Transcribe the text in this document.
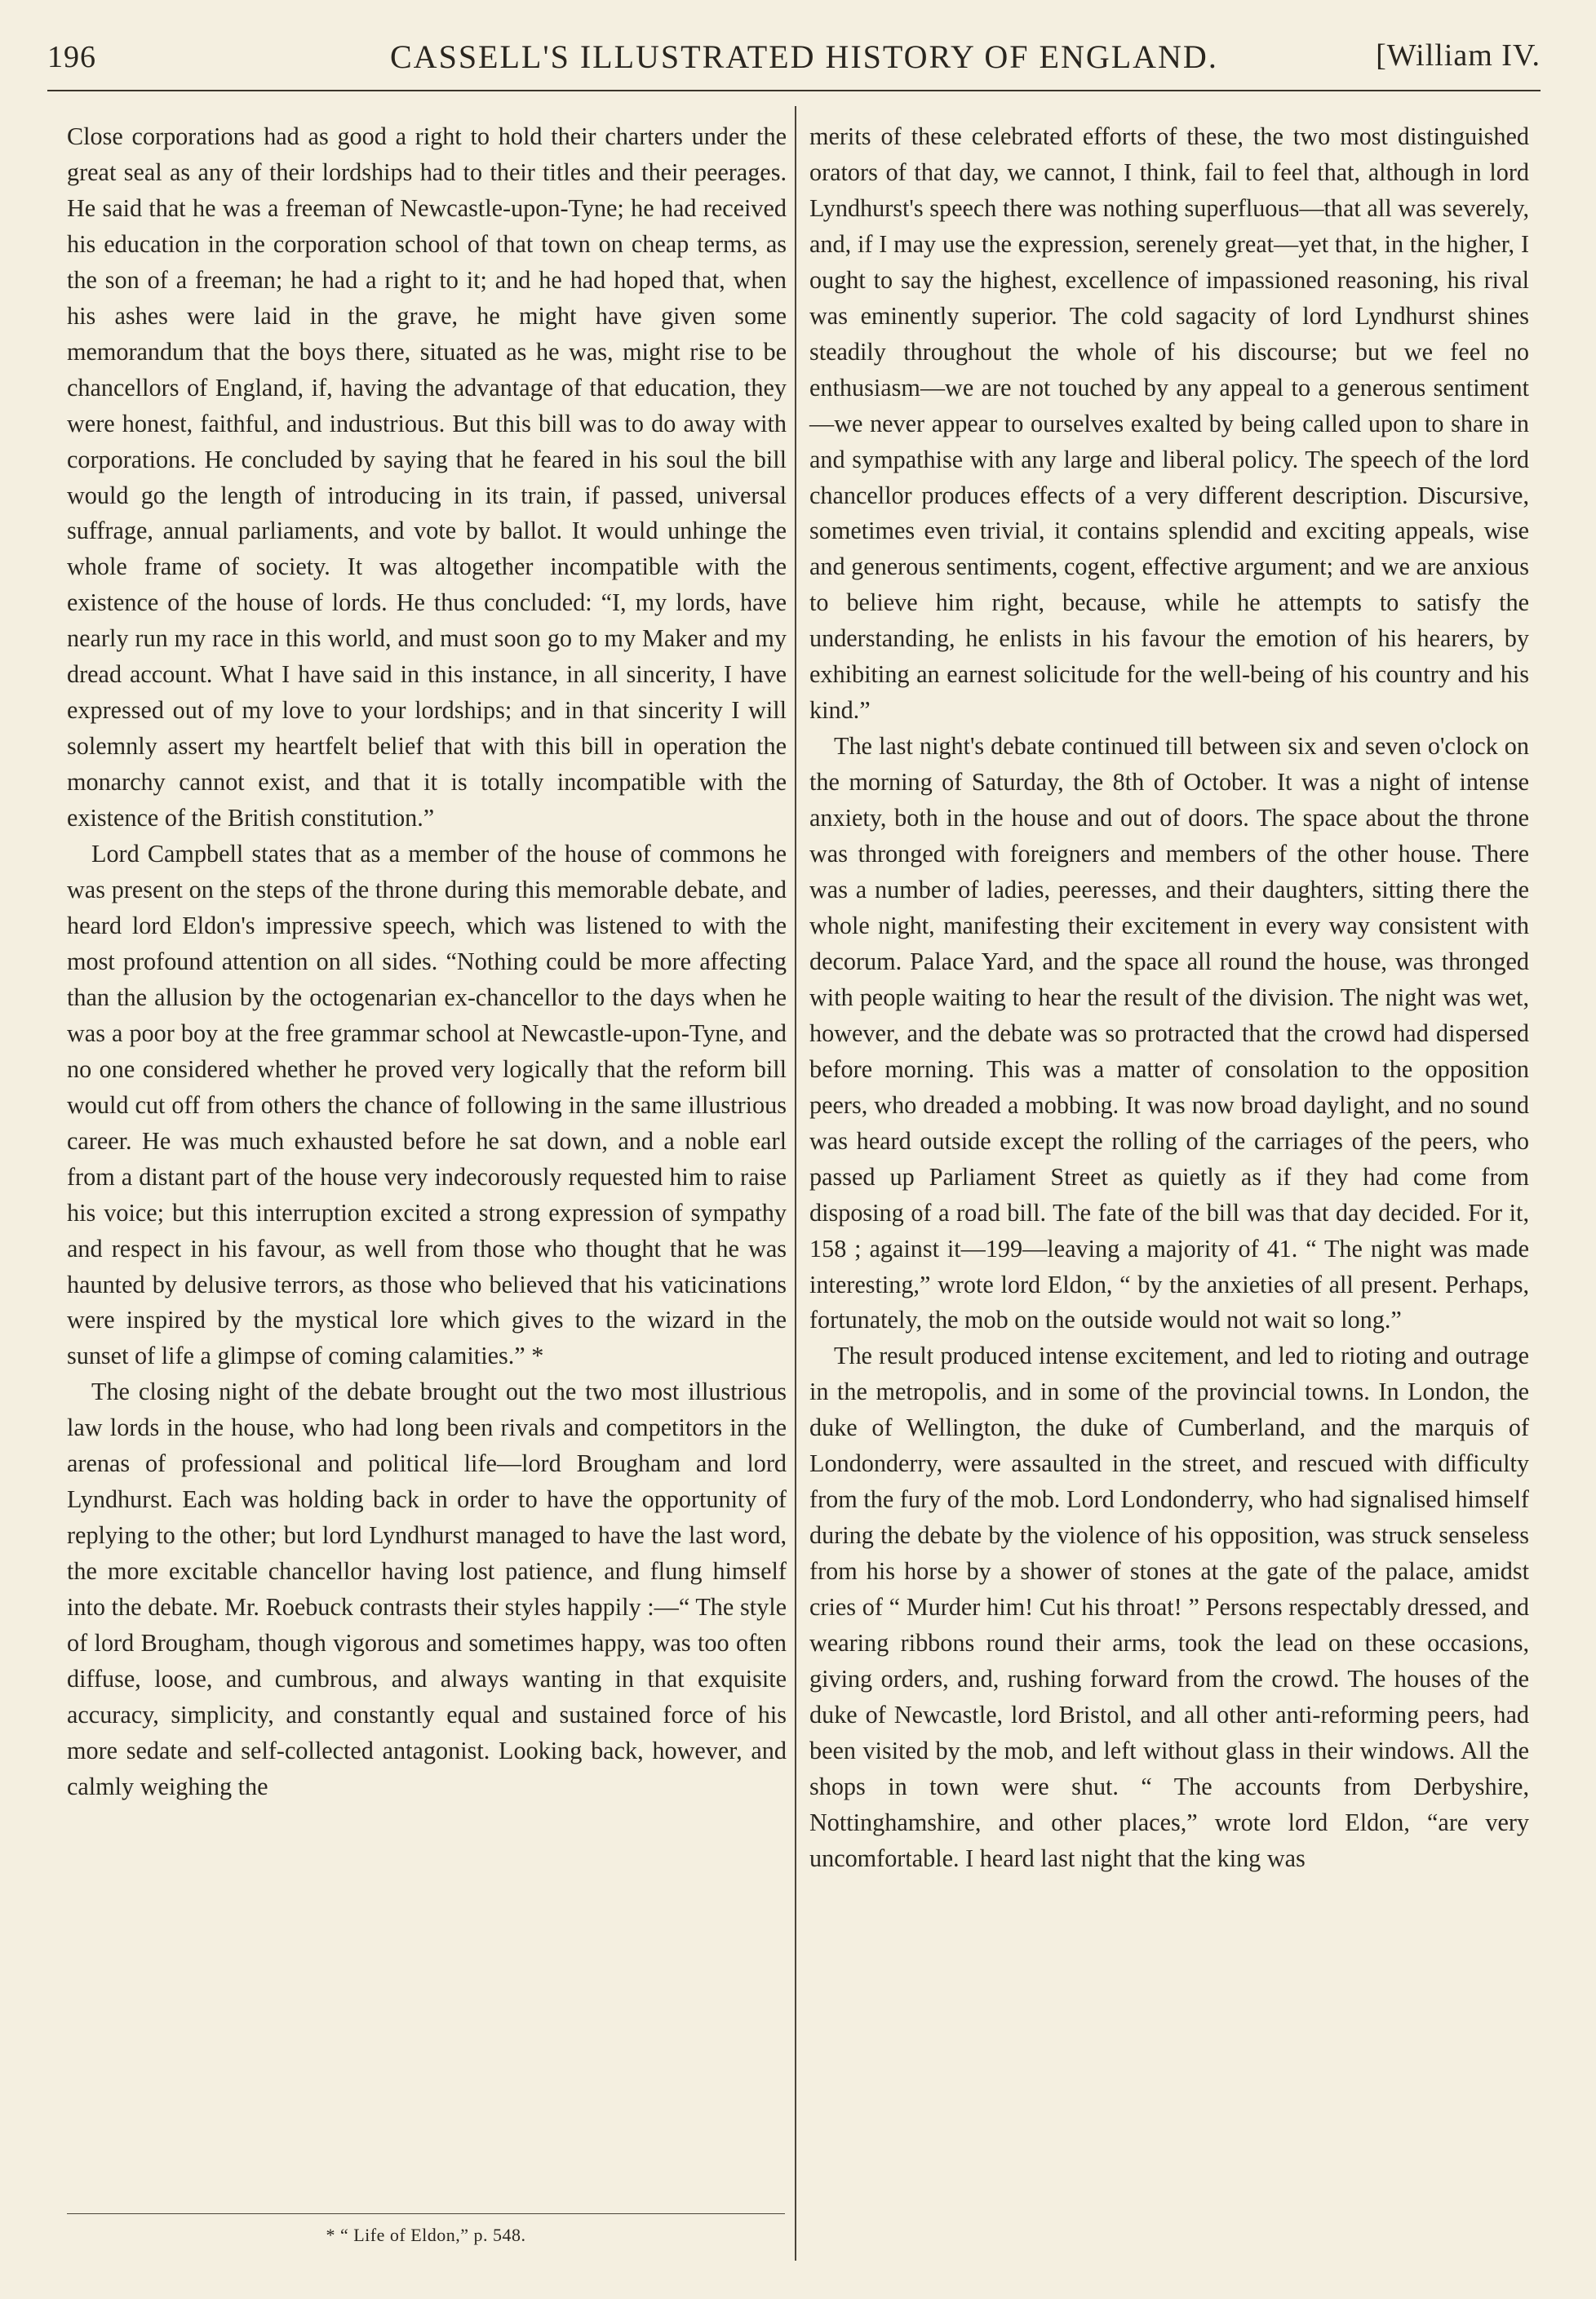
196	CASSELL'S ILLUSTRATED HISTORY OF ENGLAND.	[William IV.

Close corporations had as good a right to hold their charters under the great seal as any of their lordships had to their titles and their peerages. He said that he was a freeman of Newcastle-upon-Tyne; he had received his education in the corporation school of that town on cheap terms, as the son of a freeman; he had a right to it; and he had hoped that, when his ashes were laid in the grave, he might have given some memorandum that the boys there, situated as he was, might rise to be chancellors of England, if, having the advantage of that education, they were honest, faithful, and industrious. But this bill was to do away with corporations. He concluded by saying that he feared in his soul the bill would go the length of introducing in its train, if passed, universal suffrage, annual parliaments, and vote by ballot. It would unhinge the whole frame of society. It was altogether incompatible with the existence of the house of lords. He thus concluded: “I, my lords, have nearly run my race in this world, and must soon go to my Maker and my dread account. What I have said in this instance, in all sincerity, I have expressed out of my love to your lordships; and in that sincerity I will solemnly assert my heartfelt belief that with this bill in operation the monarchy cannot exist, and that it is totally incompatible with the existence of the British constitution.”

Lord Campbell states that as a member of the house of commons he was present on the steps of the throne during this memorable debate, and heard lord Eldon's impressive speech, which was listened to with the most profound attention on all sides. “Nothing could be more affecting than the allusion by the octogenarian ex-chancellor to the days when he was a poor boy at the free grammar school at Newcastle-upon-Tyne, and no one considered whether he proved very logically that the reform bill would cut off from others the chance of following in the same illustrious career. He was much exhausted before he sat down, and a noble earl from a distant part of the house very indecorously requested him to raise his voice; but this interruption excited a strong expression of sympathy and respect in his favour, as well from those who thought that he was haunted by delusive terrors, as those who believed that his vaticinations were inspired by the mystical lore which gives to the wizard in the sunset of life a glimpse of coming calamities.” *

The closing night of the debate brought out the two most illustrious law lords in the house, who had long been rivals and competitors in the arenas of professional and political life—lord Brougham and lord Lyndhurst. Each was holding back in order to have the opportunity of replying to the other; but lord Lyndhurst managed to have the last word, the more excitable chancellor having lost patience, and flung himself into the debate. Mr. Roebuck contrasts their styles happily :—“ The style of lord Brougham, though vigorous and sometimes happy, was too often diffuse, loose, and cumbrous, and always wanting in that exquisite accuracy, simplicity, and constantly equal and sustained force of his more sedate and self-collected antagonist. Looking back, however, and calmly weighing the

merits of these celebrated efforts of these, the two most distinguished orators of that day, we cannot, I think, fail to feel that, although in lord Lyndhurst's speech there was nothing superfluous—that all was severely, and, if I may use the expression, serenely great—yet that, in the higher, I ought to say the highest, excellence of impassioned reasoning, his rival was eminently superior. The cold sagacity of lord Lyndhurst shines steadily throughout the whole of his discourse; but we feel no enthusiasm—we are not touched by any appeal to a generous sentiment—we never appear to ourselves exalted by being called upon to share in and sympathise with any large and liberal policy. The speech of the lord chancellor produces effects of a very different description. Discursive, sometimes even trivial, it contains splendid and exciting appeals, wise and generous sentiments, cogent, effective argument; and we are anxious to believe him right, because, while he attempts to satisfy the understanding, he enlists in his favour the emotion of his hearers, by exhibiting an earnest solicitude for the well-being of his country and his kind.”

The last night's debate continued till between six and seven o'clock on the morning of Saturday, the 8th of October. It was a night of intense anxiety, both in the house and out of doors. The space about the throne was thronged with foreigners and members of the other house. There was a number of ladies, peeresses, and their daughters, sitting there the whole night, manifesting their excitement in every way consistent with decorum. Palace Yard, and the space all round the house, was thronged with people waiting to hear the result of the division. The night was wet, however, and the debate was so protracted that the crowd had dispersed before morning. This was a matter of consolation to the opposition peers, who dreaded a mobbing. It was now broad daylight, and no sound was heard outside except the rolling of the carriages of the peers, who passed up Parliament Street as quietly as if they had come from disposing of a road bill. The fate of the bill was that day decided. For it, 158 ; against it—199—leaving a majority of 41. “ The night was made interesting,” wrote lord Eldon, “ by the anxieties of all present. Perhaps, fortunately, the mob on the outside would not wait so long.”

The result produced intense excitement, and led to rioting and outrage in the metropolis, and in some of the provincial towns. In London, the duke of Wellington, the duke of Cumberland, and the marquis of Londonderry, were assaulted in the street, and rescued with difficulty from the fury of the mob. Lord Londonderry, who had signalised himself during the debate by the violence of his opposition, was struck senseless from his horse by a shower of stones at the gate of the palace, amidst cries of “ Murder him! Cut his throat! ” Persons respectably dressed, and wearing ribbons round their arms, took the lead on these occasions, giving orders, and, rushing forward from the crowd. The houses of the duke of Newcastle, lord Bristol, and all other anti-reforming peers, had been visited by the mob, and left without glass in their windows. All the shops in town were shut. “ The accounts from Derbyshire, Nottinghamshire, and other places,” wrote lord Eldon, “are very uncomfortable. I heard last night that the king was

* “ Life of Eldon,” p. 548.
